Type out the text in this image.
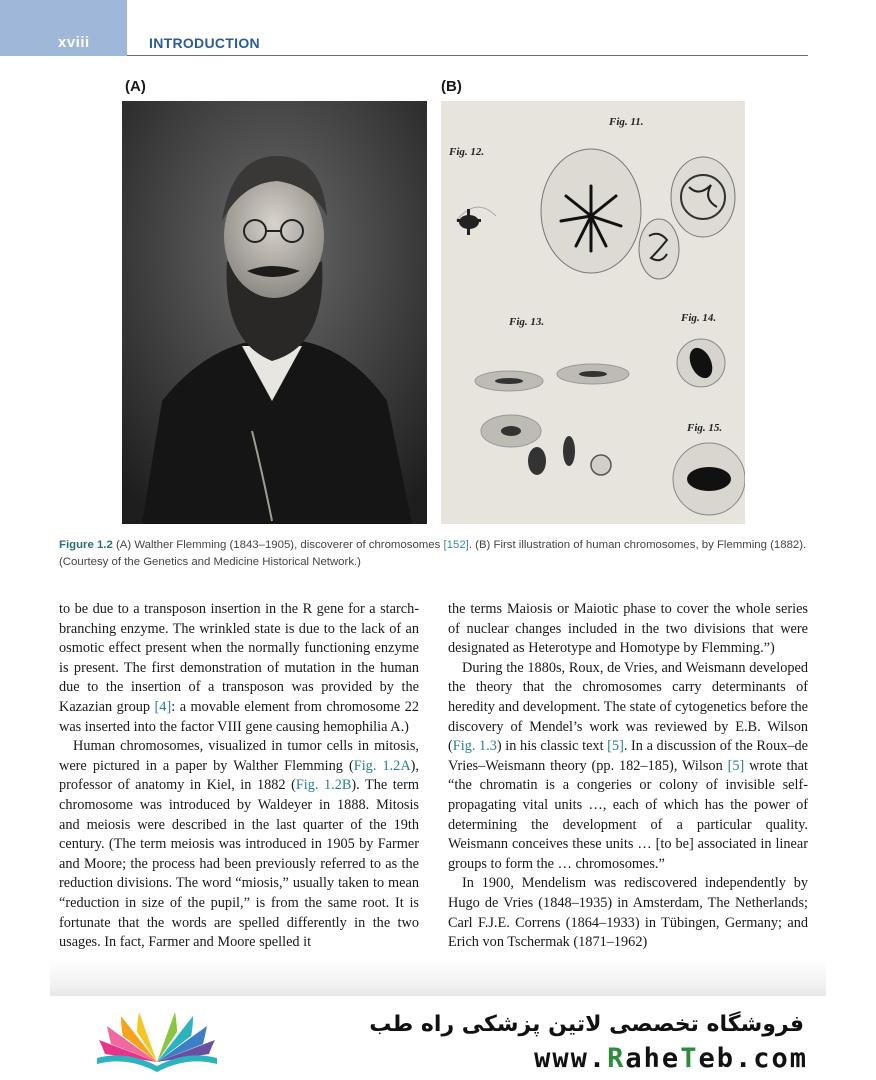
xviii	INTRODUCTION
(A)	(B)
Fig. 11.
Fig. 12.
Fig. 13.	Fig. 14.
Fig. 15.
Figure 1.2 (A) Walther Flemming (1843–1905), discoverer of chromosomes [152]. (B) First illustration of human chromosomes, by Flemming (1882). (Courtesy of the Genetics and Medicine Historical Network.)

to be due to a transposon insertion in the R gene for a starch-branching enzyme. The wrinkled state is due to the lack of an osmotic effect present when the normally functioning enzyme is present. The first demonstration of mutation in the human due to the insertion of a transposon was provided by the Kazazian group [4]: a movable element from chromosome 22 was inserted into the factor VIII gene causing hemophilia A.)

Human chromosomes, visualized in tumor cells in mitosis, were pictured in a paper by Walther Flemming (Fig. 1.2A), professor of anatomy in Kiel, in 1882 (Fig. 1.2B). The term chromosome was introduced by Waldeyer in 1888. Mitosis and meiosis were described in the last quarter of the 19th century. (The term meiosis was introduced in 1905 by Farmer and Moore; the process had been previously referred to as the reduction divisions. The word “miosis,” usually taken to mean “reduction in size of the pupil,” is from the same root. It is fortunate that the words are spelled differently in the two usages. In fact, Farmer and Moore spelled it

the terms Maiosis or Maiotic phase to cover the whole series of nuclear changes included in the two divisions that were designated as Heterotype and Homotype by Flemming.”)

During the 1880s, Roux, de Vries, and Weismann developed the theory that the chromosomes carry determinants of heredity and development. The state of cytogenetics before the discovery of Mendel’s work was reviewed by E.B. Wilson (Fig. 1.3) in his classic text [5]. In a discussion of the Roux–de Vries–Weismann theory (pp. 182–185), Wilson [5] wrote that “the chromatin is a congeries or colony of invisible self-propagating vital units …, each of which has the power of determining the development of a particular quality. Weismann conceives these units … [to be] associated in linear groups to form the … chromosomes.”

In 1900, Mendelism was rediscovered independently by Hugo de Vries (1848–1935) in Amsterdam, The Netherlands; Carl F.J.E. Correns (1864–1933) in Tübingen, Germany; and Erich von Tschermak (1871–1962)

فروشگاه تخصصی لاتین پزشکی راه طب
www.RaheTeb.com
